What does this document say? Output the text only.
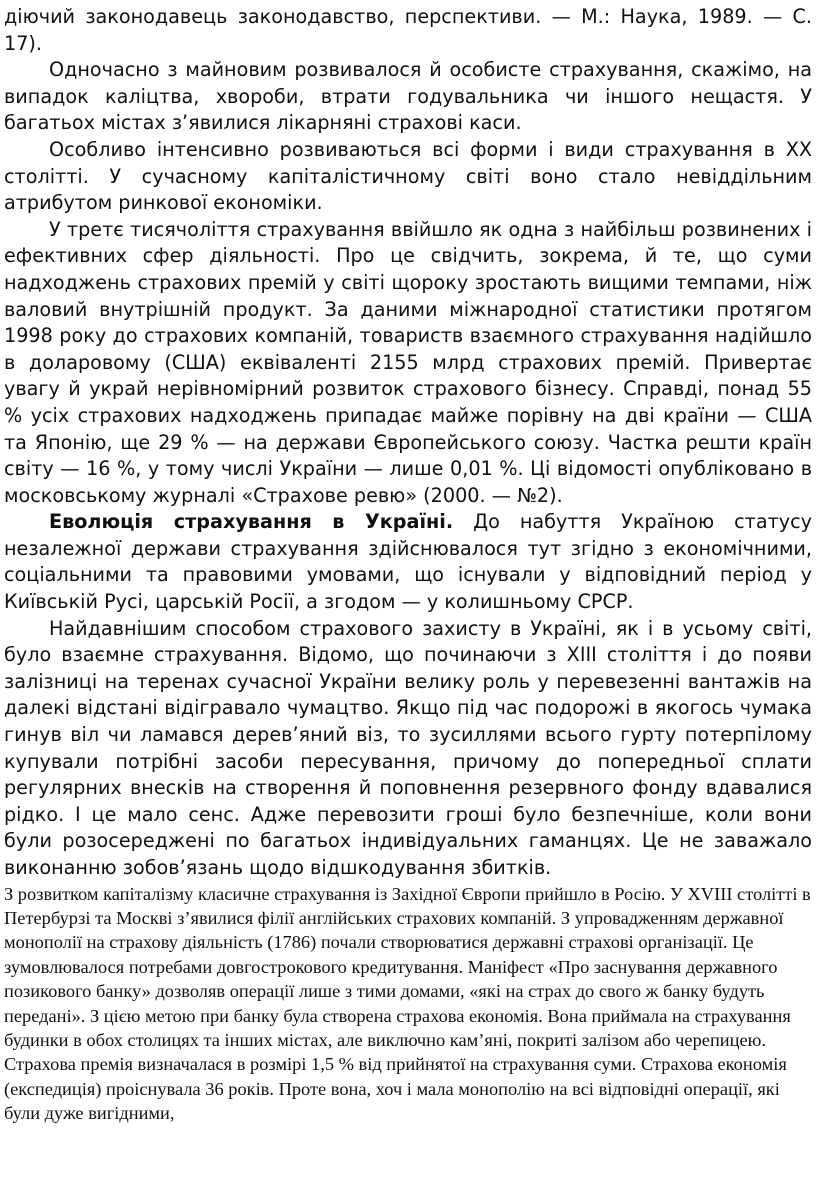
діючий законодавець законодавство, перспективи. — М.: Наука, 1989. — С. 17).

Одночасно з майновим розвивалося й особисте страхування, скажімо, на випадок каліцтва, хвороби, втрати годувальника чи іншого нещастя. У багатьох містах з’явилися лікарняні страхові каси.

Особливо інтенсивно розвиваються всі форми і види страхування в ХХ столітті. У сучасному капіталістичному світі воно стало невіддільним атрибутом ринкової економіки.

У третє тисячоліття страхування ввійшло як одна з найбільш розвинених і ефективних сфер діяльності. Про це свідчить, зокрема, й те, що суми надходжень страхових премій у світі щороку зростають вищими темпами, ніж валовий внутрішній продукт. За даними міжнародної статистики протягом 1998 року до страхових компаній, товариств взаємного страхування надійшло в доларовому (США) еквіваленті 2155 млрд страхових премій. Привертає увагу й украй нерівномірний розвиток страхового бізнесу. Справді, понад 55 % усіх страхових надходжень припадає майже порівну на дві країни — США та Японію, ще 29 % — на держави Європейського союзу. Частка решти країн світу — 16 %, у тому числі України — лише 0,01 %. Ці відомості опубліковано в московському журналі «Страхове ревю» (2000. — №2).

Еволюція страхування в Україні. До набуття Україною статусу незалежної держави страхування здійснювалося тут згідно з економічними, соціальними та правовими умовами, що існували у відповідний період у Київській Русі, царській Росії, а згодом — у колишньому СРСР.

Найдавнішим способом страхового захисту в Україні, як і в усьому світі, було взаємне страхування. Відомо, що починаючи з XIII століття і до появи залізниці на теренах сучасної України велику роль у перевезенні вантажів на далекі відстані відігравало чумацтво. Якщо під час подорожі в якогось чумака гинув віл чи ламався дерев’яний віз, то зусиллями всього гурту потерпілому купували потрібні засоби пересування, причому до попередньої сплати регулярних внесків на створення й поповнення резервного фонду вдавалися рідко. І це мало сенс. Адже перевозити гроші було безпечніше, коли вони були розосереджені по багатьох індивідуальних гаманцях. Це не заважало виконанню зобов’язань щодо відшкодування збитків.

З розвитком капіталізму класичне страхування із Західної Європи прийшло в Росію. У XVIII столітті в Петербурзі та Москві з’явилися філії англійських страхових компаній. З упровадженням державної монополії на страхову діяльність (1786) почали створюватися державні страхові організації. Це зумовлювалося потребами довгострокового кредитування. Маніфест «Про заснування державного позикового банку» дозволяв операції лише з тими домами, «які на страх до свого ж банку будуть передані». З цією метою при банку була створена страхова економія. Вона приймала на страхування будинки в обох столицях та інших містах, але виключно кам’яні, покриті залізом або черепицею. Страхова премія визначалася в розмірі 1,5 % від прийнятої на страхування суми. Страхова економія (експедиція) проіснувала 36 років. Проте вона, хоч і мала монополію на всі відповідні операції, які були дуже вигідними,
